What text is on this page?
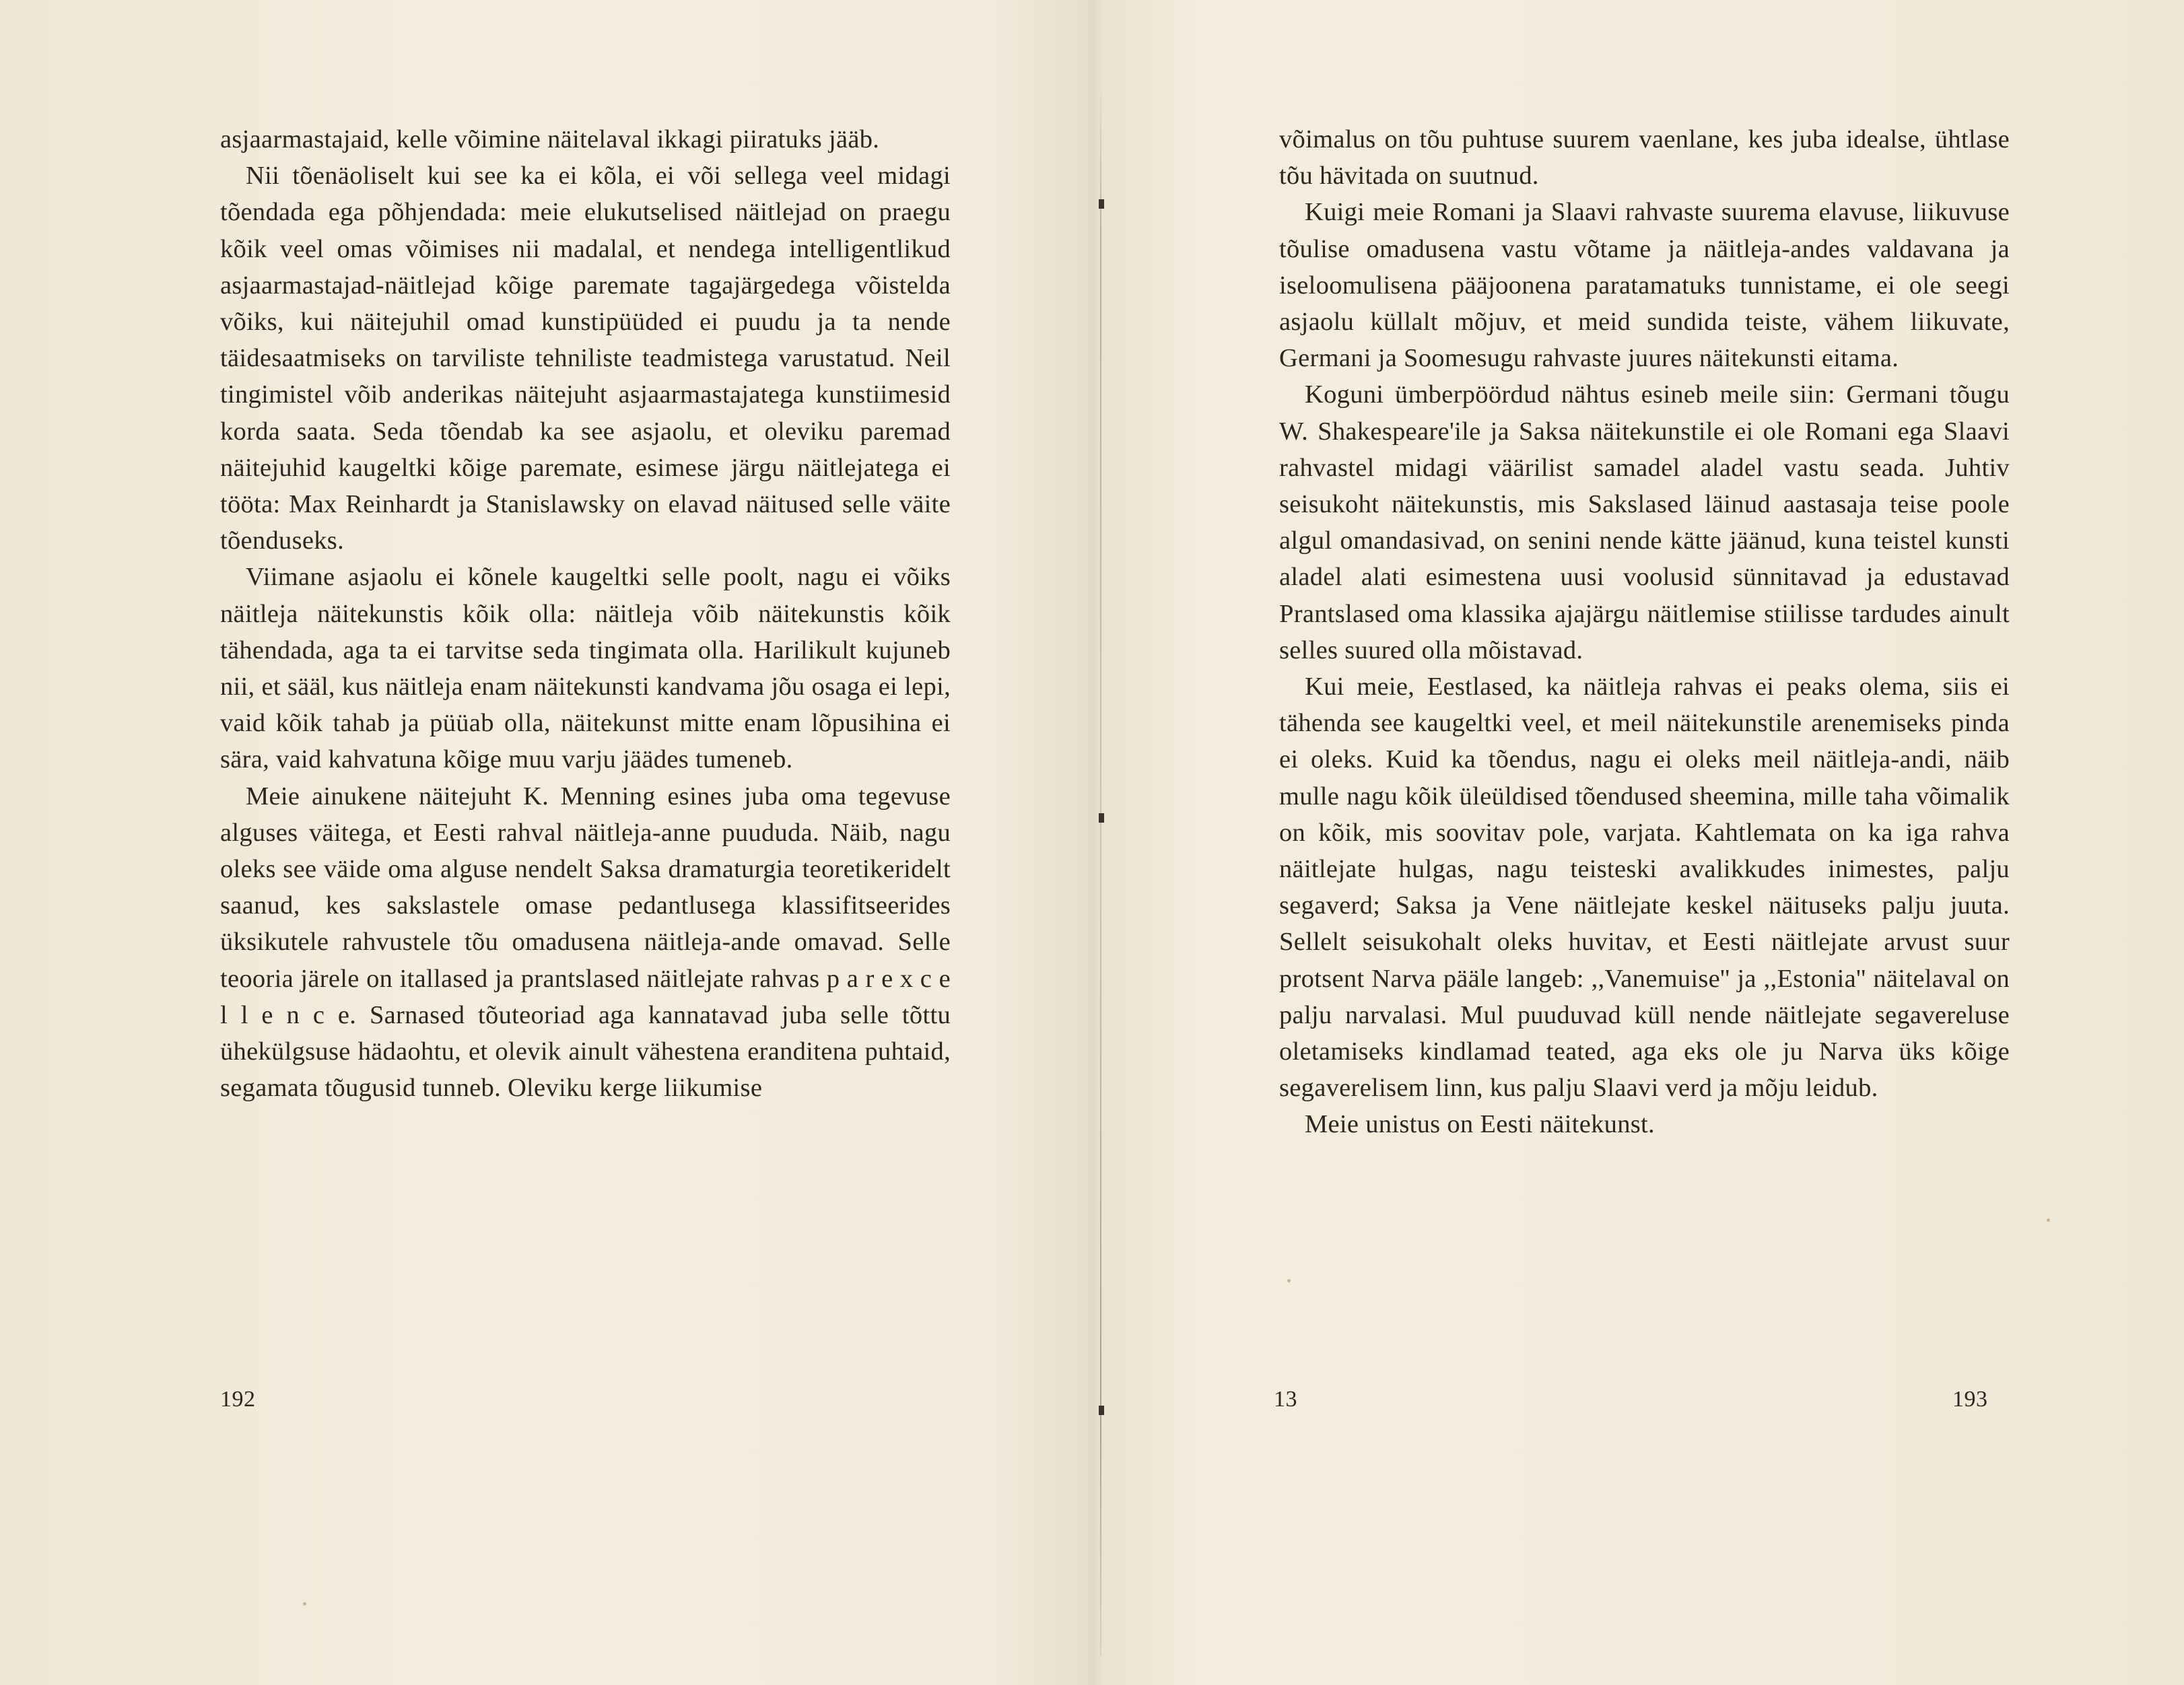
asjaarmastajaid, kelle võimine näitelaval ikkagi piiratuks jääb.

Nii tõenäoliselt kui see ka ei kõla, ei või sellega veel midagi tõendada ega põhjendada: meie elukutselised näitlejad on praegu kõik veel omas võimises nii madalal, et nendega intelligentlikud asjaarmastajad-näitlejad kõige paremate tagajärgedega võistelda võiks, kui näitejuhil omad kunstipüüded ei puudu ja ta nende täidesaatmiseks on tarviliste tehniliste teadmistega varustatud. Neil tingimistel võib anderikas näitejuht asjaarmastajatega kunstiimesid korda saata. Seda tõendab ka see asjaolu, et oleviku paremad näitejuhid kaugeltki kõige paremate, esimese järgu näitlejatega ei tööta: Max Reinhardt ja Stanislawsky on elavad näitused selle väite tõenduseks.

Viimane asjaolu ei kõnele kaugeltki selle poolt, nagu ei võiks näitleja näitekunstis kõik olla: näitleja võib näitekunstis kõik tähendada, aga ta ei tarvitse seda tingimata olla. Harilikult kujuneb nii, et sääl, kus näitleja enam näitekunsti kandvama jõu osaga ei lepi, vaid kõik tahab ja püüab olla, näitekunst mitte enam lõpusihina ei sära, vaid kahvatuna kõige muu varju jäädes tumeneb.

Meie ainukene näitejuht K. Menning esines juba oma tegevuse alguses väitega, et Eesti rahval näitleja-anne puududa. Näib, nagu oleks see väide oma alguse nendelt Saksa dramaturgia teoretikeridelt saanud, kes sakslastele omase pedantlusega klassifitseerides üksikutele rahvustele tõu omadusena näitleja-ande omavad. Selle teooria järele on itallased ja prantslased näitlejate rahvas p a r e x c e l l e n c e. Sarnased tõuteoriad aga kannatavad juba selle tõttu ühekülgsuse hädaohtu, et olevik ainult vähestena eranditena puhtaid, segamata tõugusid tunneb. Oleviku kerge liikumise

192

võimalus on tõu puhtuse suurem vaenlane, kes juba idealse, ühtlase tõu hävitada on suutnud.

Kuigi meie Romani ja Slaavi rahvaste suurema elavuse, liikuvuse tõulise omadusena vastu võtame ja näitleja-andes valdavana ja iseloomulisena pääjoonena paratamatuks tunnistame, ei ole seegi asjaolu küllalt mõjuv, et meid sundida teiste, vähem liikuvate, Germani ja Soomesugu rahvaste juures näitekunsti eitama.

Koguni ümberpöördud nähtus esineb meile siin: Germani tõugu W. Shakespeare'ile ja Saksa näitekunstile ei ole Romani ega Slaavi rahvastel midagi väärilist samadel aladel vastu seada. Juhtiv seisukoht näitekunstis, mis Sakslased läinud aastasaja teise poole algul omandasivad, on senini nende kätte jäänud, kuna teistel kunsti aladel alati esimestena uusi voolusid sünnitavad ja edustavad Prantslased oma klassika ajajärgu näitlemise stiilisse tardudes ainult selles suured olla mõistavad.

Kui meie, Eestlased, ka näitleja rahvas ei peaks olema, siis ei tähenda see kaugeltki veel, et meil näitekunstile arenemiseks pinda ei oleks. Kuid ka tõendus, nagu ei oleks meil näitleja-andi, näib mulle nagu kõik üleüldised tõendused sheemina, mille taha võimalik on kõik, mis soovitav pole, varjata. Kahtlemata on ka iga rahva näitlejate hulgas, nagu teisteski avalikkudes inimestes, palju segaverd; Saksa ja Vene näitlejate keskel näituseks palju juuta. Sellelt seisukohalt oleks huvitav, et Eesti näitlejate arvust suur protsent Narva pääle langeb: ,,Vanemuise'' ja ,,Estonia'' näitelaval on palju narvalasi. Mul puuduvad küll nende näitlejate segavereluse oletamiseks kindlamad teated, aga eks ole ju Narva üks kõige segaverelisem linn, kus palju Slaavi verd ja mõju leidub.

Meie unistus on Eesti näitekunst.

13	193
